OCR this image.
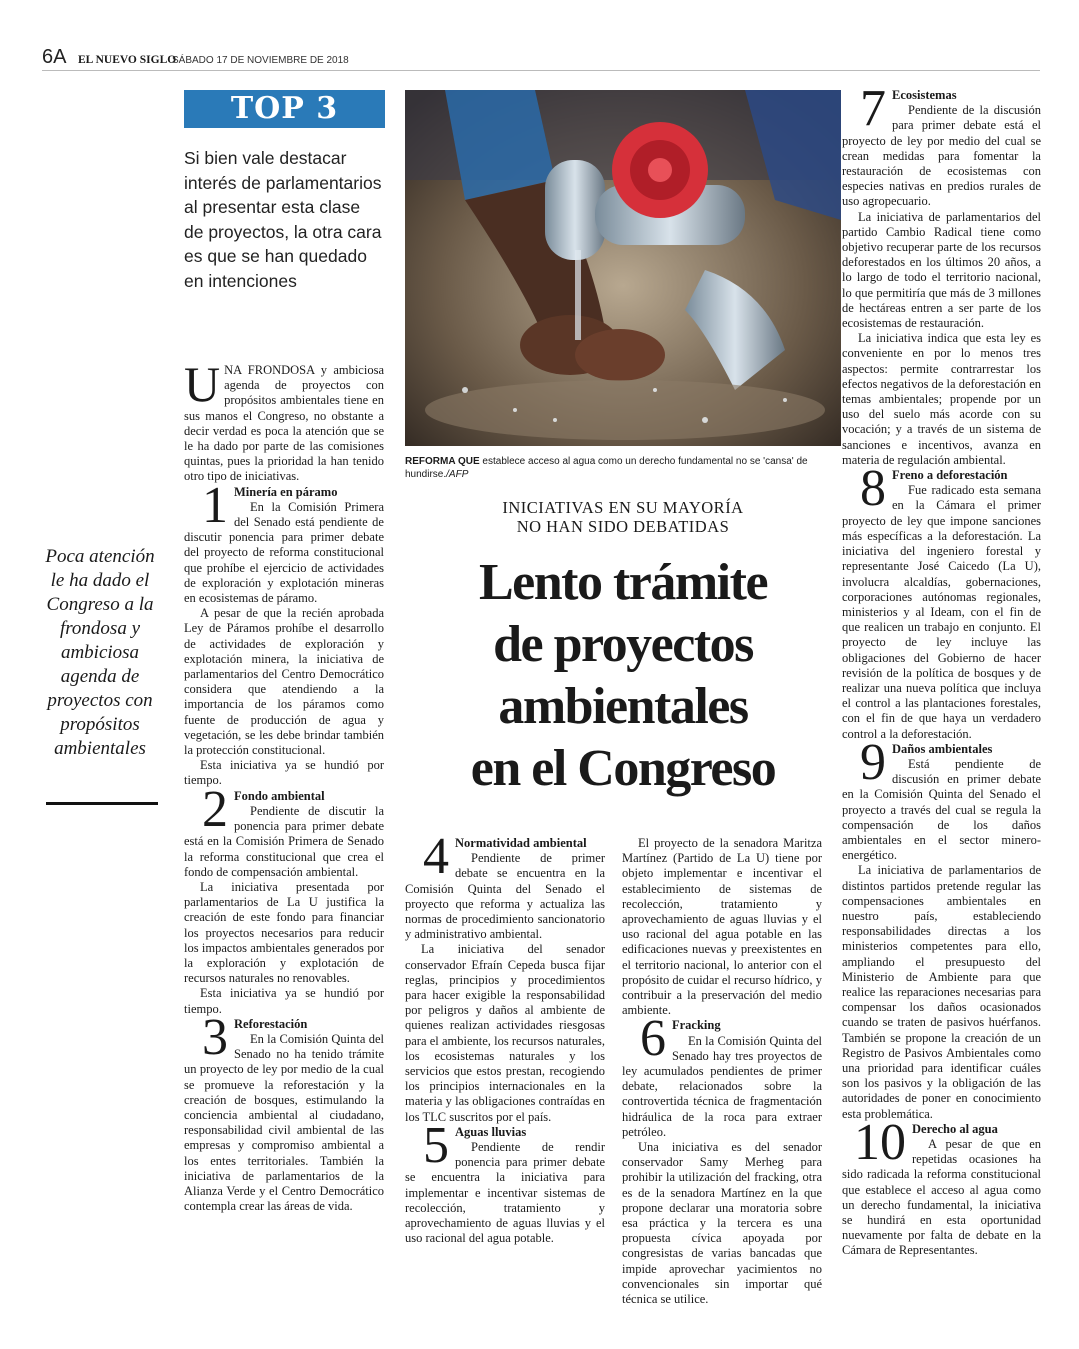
6A EL NUEVO SIGLO
SÁBADO 17 DE NOVIEMBRE DE 2018
TOP 3
Si bien vale destacar interés de parlamentarios al presentar esta clase de proyectos, la otra cara es que se han quedado en intenciones
Poca atención le ha dado el Congreso a la frondosa y ambiciosa agenda de proyectos con propósitos ambientales
REFORMA QUE establece acceso al agua como un derecho fundamental no se 'cansa' de hundirse./AFP
INICIATIVAS EN SU MAYORÍA
NO HAN SIDO DEBATIDAS
Lento trámite
de proyectos
ambientales
en el Congreso

UNA FRONDOSA y ambiciosa agenda de proyectos con propósitos ambientales tiene en sus manos el Congreso, no obstante a decir verdad es poca la atención que se le ha dado por parte de las comisiones quintas, pues la prioridad la han tenido otro tipo de iniciativas.

1 Minería en páramo

En la Comisión Primera del Senado está pendiente de discutir ponencia para primer debate del proyecto de reforma constitucional que prohíbe el ejercicio de actividades de exploración y explotación mineras en ecosistemas de páramo.

A pesar de que la recién aprobada Ley de Páramos prohíbe el desarrollo de actividades de exploración y explotación minera, la iniciativa de parlamentarios del Centro Democrático considera que atendiendo a la importancia de los páramos como fuente de producción de agua y vegetación, se les debe brindar también la protección constitucional.

Esta iniciativa ya se hundió por tiempo.

2 Fondo ambiental

Pendiente de discutir la ponencia para primer debate está en la Comisión Primera de Senado la reforma constitucional que crea el fondo de compensación ambiental.

La iniciativa presentada por parlamentarios de La U justifica la creación de este fondo para financiar los proyectos necesarios para reducir los impactos ambientales generados por la exploración y explotación de recursos naturales no renovables.

Esta iniciativa ya se hundió por tiempo.

3 Reforestación

En la Comisión Quinta del Senado no ha tenido trámite un proyecto de ley por medio de la cual se promueve la reforestación y la creación de bosques, estimulando la conciencia ambiental al ciudadano, responsabilidad civil ambiental de las empresas y compromiso ambiental a los entes territoriales. También la iniciativa de parlamentarios de la Alianza Verde y el Centro Democrático contempla crear las áreas de vida.

4 Normatividad ambiental

Pendiente de primer debate se encuentra en la Comisión Quinta del Senado el proyecto que reforma y actualiza las normas de procedimiento sancionatorio y administrativo ambiental.

La iniciativa del senador conservador Efraín Cepeda busca fijar reglas, principios y procedimientos para hacer exigible la responsabilidad por peligros y daños al ambiente de quienes realizan actividades riesgosas para el ambiente, los recursos naturales, los ecosistemas naturales y los servicios que estos prestan, recogiendo los principios internacionales en la materia y las obligaciones contraídas en los TLC suscritos por el país.

5 Aguas lluvias

Pendiente de rendir ponencia para primer debate se encuentra la iniciativa para implementar e incentivar sistemas de recolección, tratamiento y aprovechamiento de aguas lluvias y el uso racional del agua potable.

El proyecto de la senadora Maritza Martínez (Partido de La U) tiene por objeto implementar e incentivar el establecimiento de sistemas de recolección, tratamiento y aprovechamiento de aguas lluvias y el uso racional del agua potable en las edificaciones nuevas y preexistentes en el territorio nacional, lo anterior con el propósito de cuidar el recurso hídrico, y contribuir a la preservación del medio ambiente.

6 Fracking

En la Comisión Quinta del Senado hay tres proyectos de ley acumulados pendientes de primer debate, relacionados sobre la controvertida técnica de fragmentación hidráulica de la roca para extraer petróleo.

Una iniciativa es del senador conservador Samy Merheg para prohibir la utilización del fracking, otra es de la senadora Martínez en la que propone declarar una moratoria sobre esa práctica y la tercera es una propuesta cívica apoyada por congresistas de varias bancadas que impide aprovechar yacimientos no convencionales sin importar qué técnica se utilice.

7 Ecosistemas

Pendiente de la discusión para primer debate está el proyecto de ley por medio del cual se crean medidas para fomentar la restauración de ecosistemas con especies nativas en predios rurales de uso agropecuario.

La iniciativa de parlamentarios del partido Cambio Radical tiene como objetivo recuperar parte de los recursos deforestados en los últimos 20 años, a lo largo de todo el territorio nacional, lo que permitiría que más de 3 millones de hectáreas entren a ser parte de los ecosistemas de restauración.

La iniciativa indica que esta ley es conveniente en por lo menos tres aspectos: permite contrarrestar los efectos negativos de la deforestación en temas ambientales; propende por un uso del suelo más acorde con su vocación; y a través de un sistema de sanciones e incentivos, avanza en materia de regulación ambiental.

8 Freno a deforestación

Fue radicado esta semana en la Cámara el primer proyecto de ley que impone sanciones más específicas a la deforestación. La iniciativa del ingeniero forestal y representante José Caicedo (La U), involucra alcaldías, gobernaciones, corporaciones autónomas regionales, ministerios y al Ideam, con el fin de que realicen un trabajo en conjunto. El proyecto de ley incluye las obligaciones del Gobierno de hacer revisión de la política de bosques y de realizar una nueva política que incluya el control a las plantaciones forestales, con el fin de que haya un verdadero control a la deforestación.

9 Daños ambientales

Está pendiente de discusión en primer debate en la Comisión Quinta del Senado el proyecto a través del cual se regula la compensación de los daños ambientales en el sector minero-energético.

La iniciativa de parlamentarios de distintos partidos pretende regular las compensaciones ambientales en nuestro país, estableciendo responsabilidades directas a los ministerios competentes para ello, ampliando el presupuesto del Ministerio de Ambiente para que realice las reparaciones necesarias para compensar los daños ocasionados cuando se traten de pasivos huérfanos. También se propone la creación de un Registro de Pasivos Ambientales como una prioridad para identificar cuáles son los pasivos y la obligación de las autoridades de poner en conocimiento esta problemática.

10 Derecho al agua

A pesar de que en repetidas ocasiones ha sido radicada la reforma constitucional que establece el acceso al agua como un derecho fundamental, la iniciativa se hundirá en esta oportunidad nuevamente por falta de debate en la Cámara de Representantes.
